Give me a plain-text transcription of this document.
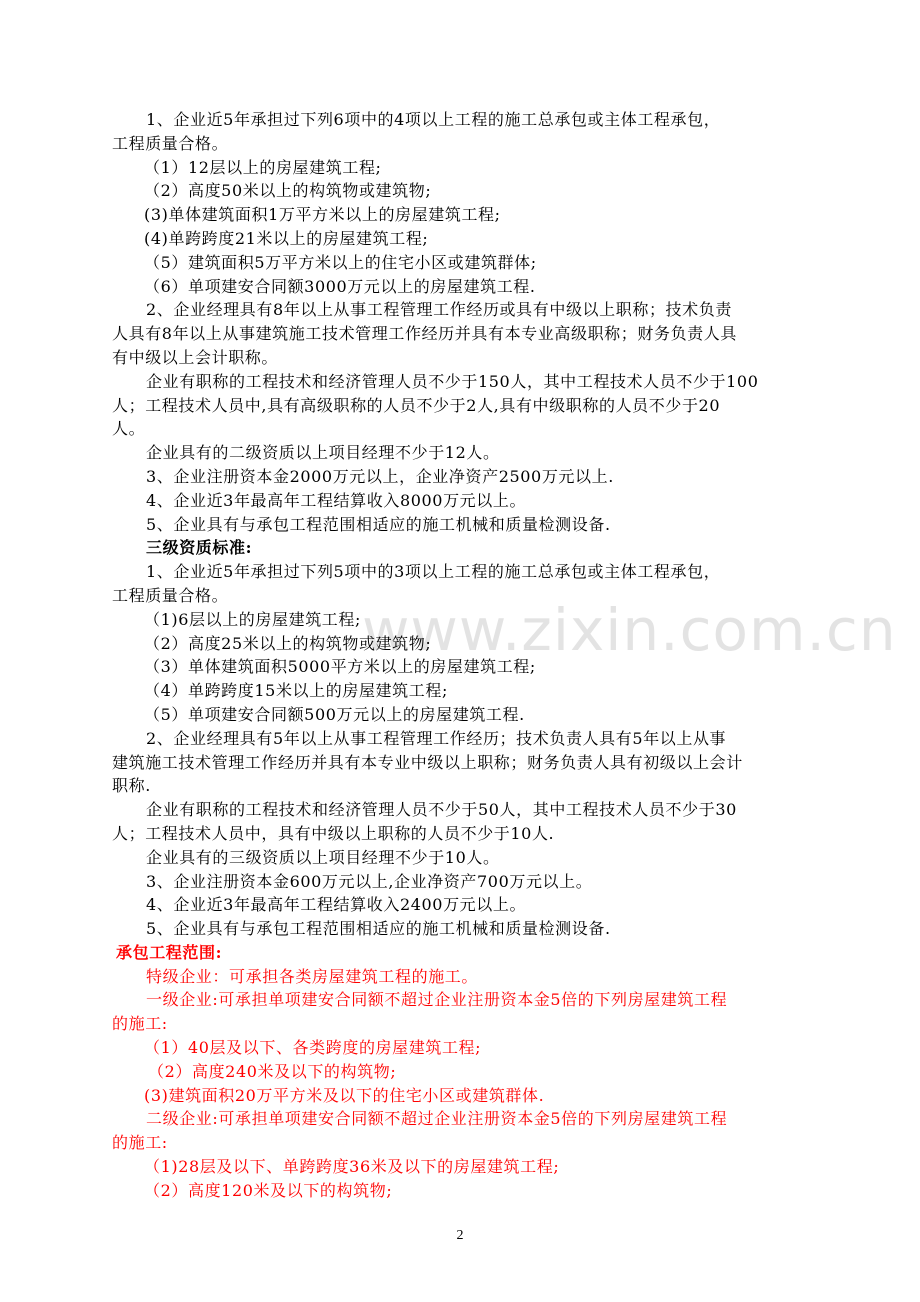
www.zixin.com.cn
1、企业近5年承担过下列6项中的4项以上工程的施工总承包或主体工程承包，
工程质量合格。
（1）12层以上的房屋建筑工程;
（2）高度50米以上的构筑物或建筑物;
(3)单体建筑面积1万平方米以上的房屋建筑工程;
(4)单跨跨度21米以上的房屋建筑工程;
（5）建筑面积5万平方米以上的住宅小区或建筑群体;
（6）单项建安合同额3000万元以上的房屋建筑工程.
2、企业经理具有8年以上从事工程管理工作经历或具有中级以上职称；技术负责
人具有8年以上从事建筑施工技术管理工作经历并具有本专业高级职称；财务负责人具
有中级以上会计职称。
企业有职称的工程技术和经济管理人员不少于150人，其中工程技术人员不少于100
人；工程技术人员中,具有高级职称的人员不少于2人,具有中级职称的人员不少于20
人。
企业具有的二级资质以上项目经理不少于12人。
3、企业注册资本金2000万元以上，企业净资产2500万元以上.
4、企业近3年最高年工程结算收入8000万元以上。
5、企业具有与承包工程范围相适应的施工机械和质量检测设备.
三级资质标准:
1、企业近5年承担过下列5项中的3项以上工程的施工总承包或主体工程承包，
工程质量合格。
（1)6层以上的房屋建筑工程;
（2）高度25米以上的构筑物或建筑物;
（3）单体建筑面积5000平方米以上的房屋建筑工程;
（4）单跨跨度15米以上的房屋建筑工程;
（5）单项建安合同额500万元以上的房屋建筑工程.
2、企业经理具有5年以上从事工程管理工作经历；技术负责人具有5年以上从事
建筑施工技术管理工作经历并具有本专业中级以上职称；财务负责人具有初级以上会计
职称.
企业有职称的工程技术和经济管理人员不少于50人，其中工程技术人员不少于30
人；工程技术人员中，具有中级以上职称的人员不少于10人.
企业具有的三级资质以上项目经理不少于10人。
3、企业注册资本金600万元以上,企业净资产700万元以上。
4、企业近3年最高年工程结算收入2400万元以上。
5、企业具有与承包工程范围相适应的施工机械和质量检测设备.
承包工程范围:
特级企业：可承担各类房屋建筑工程的施工。
一级企业:可承担单项建安合同额不超过企业注册资本金5倍的下列房屋建筑工程
的施工:
（1）40层及以下、各类跨度的房屋建筑工程;
（2）高度240米及以下的构筑物;
(3)建筑面积20万平方米及以下的住宅小区或建筑群体.
二级企业:可承担单项建安合同额不超过企业注册资本金5倍的下列房屋建筑工程
的施工:
（1)28层及以下、单跨跨度36米及以下的房屋建筑工程;
（2）高度120米及以下的构筑物;
2
